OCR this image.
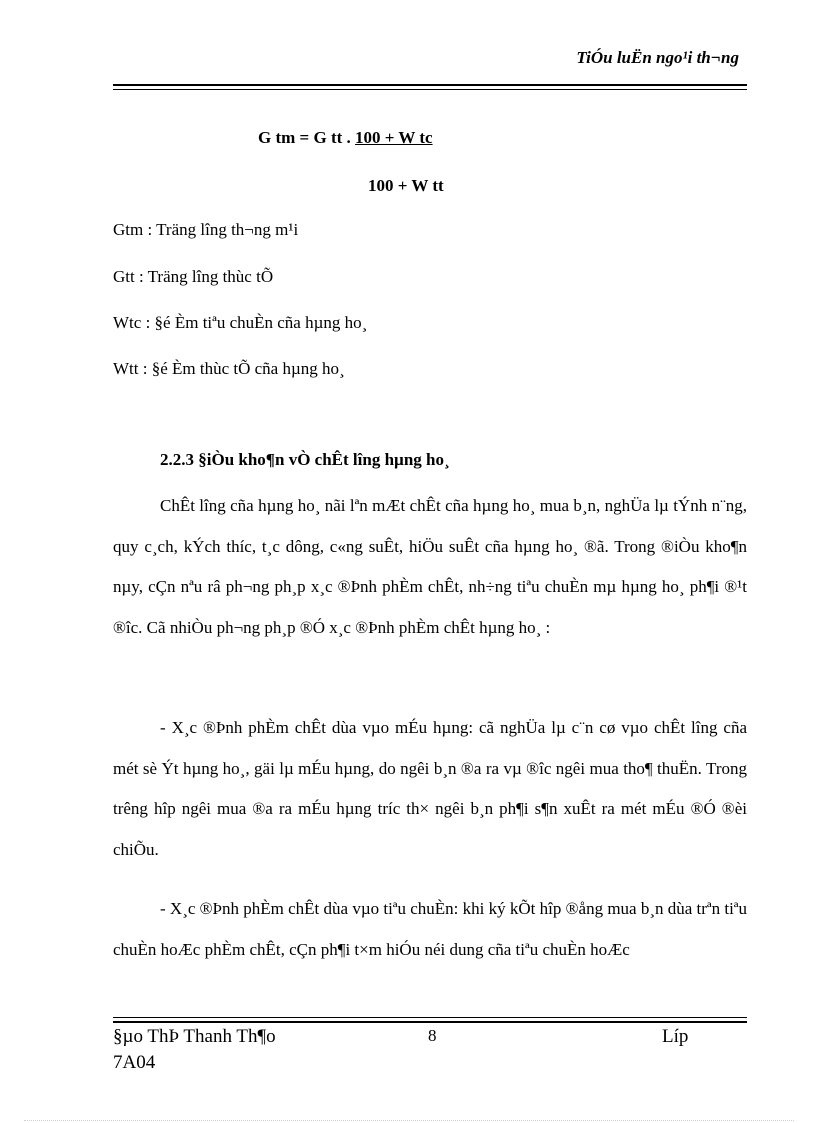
TiÓu luËn ngo¹i th¬ng
G tm = G tt . 100 + W tc
100 + W tt
Gtm : Träng lîng th¬ng m¹i
Gtt : Träng lîng thùc tÕ
Wtc : §é Èm tiªu chuÈn cña hµng ho¸
Wtt : §é Èm thùc tÕ cña hµng ho¸
2.2.3 §iÒu kho¶n vÒ chÊt lîng hµng ho¸

ChÊt lîng cña hµng ho¸ nãi lªn mÆt chÊt cña hµng ho¸ mua b¸n, nghÜa lµ tÝnh n¨ng, quy c¸ch, kÝch thíc, t¸c dông, c«ng suÊt, hiÖu suÊt cña hµng ho¸ ®ã. Trong ®iÒu kho¶n nµy, cÇn nªu râ ph¬ng ph¸p x¸c ®Þnh phÈm chÊt, nh÷ng tiªu chuÈn mµ hµng ho¸ ph¶i ®¹t ®îc. Cã nhiÒu ph¬ng ph¸p ®Ó x¸c ®Þnh phÈm chÊt hµng ho¸ :

- X¸c ®Þnh phÈm chÊt dùa vµo mÉu hµng: cã nghÜa lµ c¨n cø vµo chÊt lîng cña mét sè Ýt hµng ho¸, gäi lµ mÉu hµng, do ngêi b¸n ®a ra vµ ®îc ngêi mua tho¶ thuËn. Trong trêng hîp ngêi mua ®a ra mÉu hµng tríc th× ngêi b¸n ph¶i s¶n xuÊt ra mét mÉu ®Ó ®èi chiÕu.

- X¸c ®Þnh phÈm chÊt dùa vµo tiªu chuÈn: khi ký kÕt hîp ®ång mua b¸n dùa trªn tiªu chuÈn hoÆc phÈm chÊt, cÇn ph¶i t×m hiÓu néi dung cña tiªu chuÈn hoÆc

§µo ThÞ Thanh Th¶o	8	Líp
7A04
